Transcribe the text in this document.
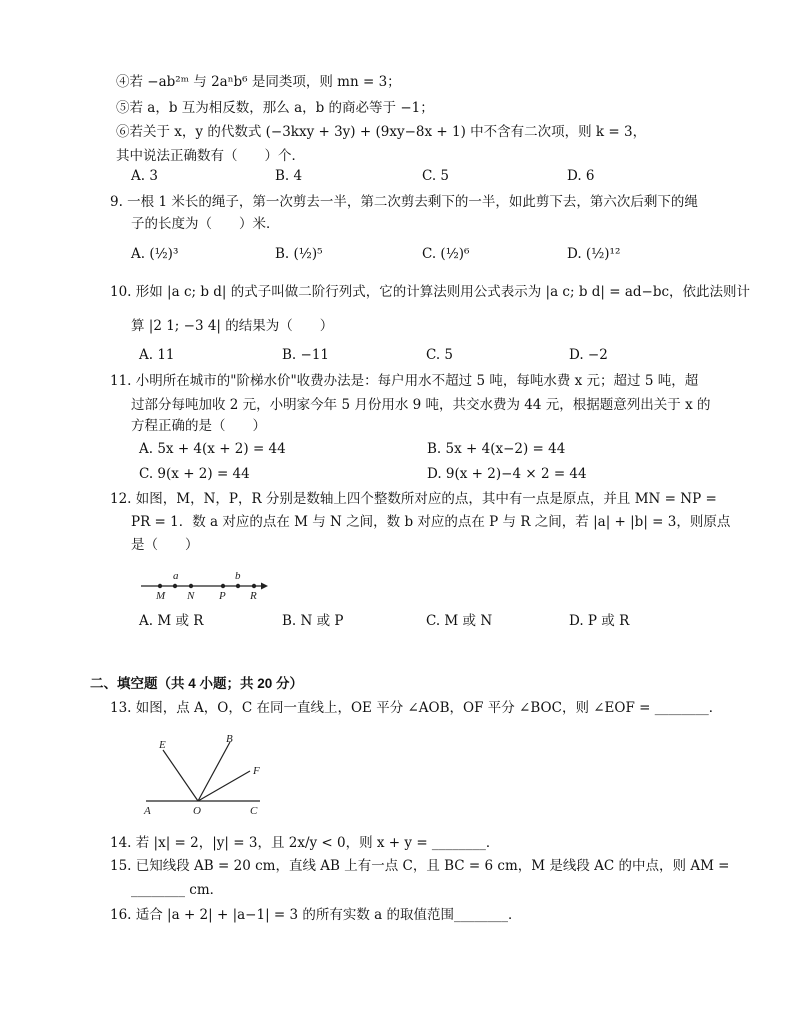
④若 −ab²ᵐ 与 2aⁿb⁶ 是同类项，则 mn = 3；
⑤若 a，b 互为相反数，那么 a，b 的商必等于 −1；
⑥若关于 x，y 的代数式 (−3kxy + 3y) + (9xy−8x + 1) 中不含有二次项，则 k = 3，
其中说法正确数有（　　）个．
A. 3	B. 4	C. 5	D. 6
9. 一根 1 米长的绳子，第一次剪去一半，第二次剪去剩下的一半，如此剪下去，第六次后剩下的绳
子的长度为（　　）米．
A. (½)³	B. (½)⁵	C. (½)⁶	D. (½)¹²
10. 形如 |a c; b d| 的式子叫做二阶行列式，它的计算法则用公式表示为 |a c; b d| = ad−bc，依此法则计
算 |2 1; −3 4| 的结果为（　　）
A. 11	B. −11	C. 5	D. −2
11. 小明所在城市的"阶梯水价"收费办法是：每户用水不超过 5 吨，每吨水费 x 元；超过 5 吨，超
过部分每吨加收 2 元，小明家今年 5 月份用水 9 吨，共交水费为 44 元，根据题意列出关于 x 的
方程正确的是（　　）
A. 5x + 4(x + 2) = 44	B. 5x + 4(x−2) = 44
C. 9(x + 2) = 44	D. 9(x + 2)−4 × 2 = 44
12. 如图，M，N，P，R 分别是数轴上四个整数所对应的点，其中有一点是原点，并且 MN = NP =
PR = 1．数 a 对应的点在 M 与 N 之间，数 b 对应的点在 P 与 R 之间，若 |a| + |b| = 3，则原点
是（　　）
a	b
M N P R
A. M 或 R	B. N 或 P	C. M 或 N	D. P 或 R
二、填空题（共 4 小题；共 20 分）
13. 如图，点 A，O，C 在同一直线上，OE 平分 ∠AOB，OF 平分 ∠BOC，则 ∠EOF = ________．
E	B
F
A	O	C
14. 若 |x| = 2，|y| = 3，且 2x/y < 0，则 x + y = ________．
15. 已知线段 AB = 20 cm，直线 AB 上有一点 C，且 BC = 6 cm，M 是线段 AC 的中点，则 AM =
________ cm．
16. 适合 |a + 2| + |a−1| = 3 的所有实数 a 的取值范围________．
